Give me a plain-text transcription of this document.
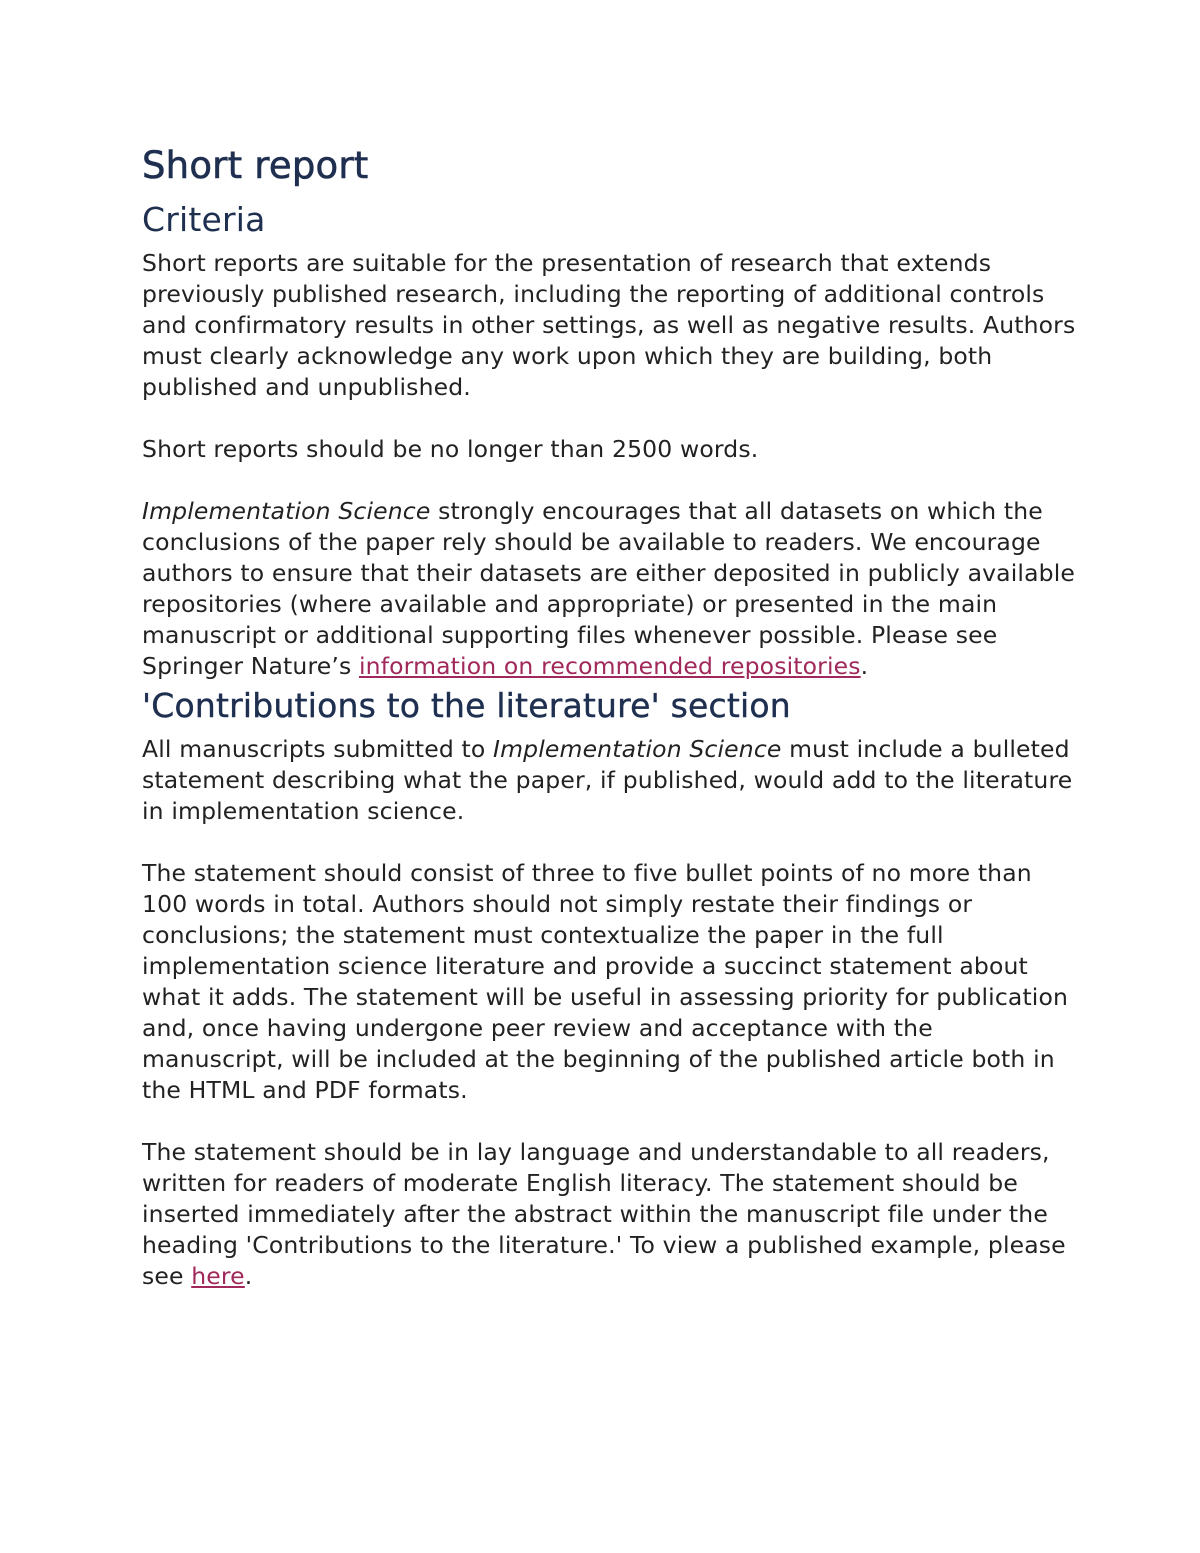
Short report
Criteria

Short reports are suitable for the presentation of research that extends previously published research, including the reporting of additional controls and confirmatory results in other settings, as well as negative results. Authors must clearly acknowledge any work upon which they are building, both published and unpublished.

Short reports should be no longer than 2500 words.

Implementation Science strongly encourages that all datasets on which the conclusions of the paper rely should be available to readers. We encourage authors to ensure that their datasets are either deposited in publicly available repositories (where available and appropriate) or presented in the main manuscript or additional supporting files whenever possible. Please see Springer Nature’s information on recommended repositories.

'Contributions to the literature' section

All manuscripts submitted to Implementation Science must include a bulleted statement describing what the paper, if published, would add to the literature in implementation science.

The statement should consist of three to five bullet points of no more than 100 words in total. Authors should not simply restate their findings or conclusions; the statement must contextualize the paper in the full implementation science literature and provide a succinct statement about what it adds. The statement will be useful in assessing priority for publication and, once having undergone peer review and acceptance with the manuscript, will be included at the beginning of the published article both in the HTML and PDF formats.

The statement should be in lay language and understandable to all readers, written for readers of moderate English literacy. The statement should be inserted immediately after the abstract within the manuscript file under the heading 'Contributions to the literature.' To view a published example, please see here.
